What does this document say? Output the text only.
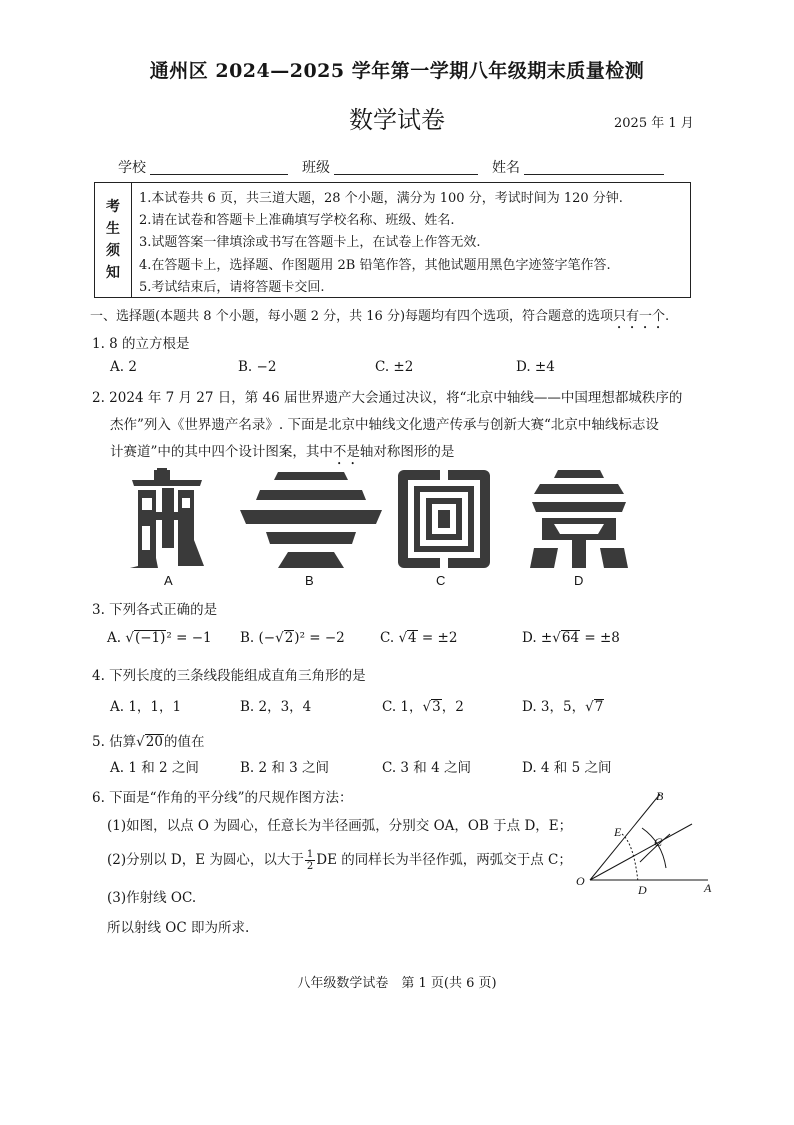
通州区 2024—2025 学年第一学期八年级期末质量检测
数学试卷	2025 年 1 月
学校	班级	姓名
考
生
须
知
1.本试卷共 6 页，共三道大题，28 个小题，满分为 100 分，考试时间为 120 分钟.
2.请在试卷和答题卡上准确填写学校名称、班级、姓名.
3.试题答案一律填涂或书写在答题卡上，在试卷上作答无效.
4.在答题卡上，选择题、作图题用 2B 铅笔作答，其他试题用黑色字迹签字笔作答.
5.考试结束后，请将答题卡交回.
一、选择题(本题共 8 个小题，每小题 2 分，共 16 分)每题均有四个选项，符合题意的选项只有一个.
1. 8 的立方根是
A. 2	B. −2	C. ±2	D. ±4
2. 2024 年 7 月 27 日，第 46 届世界遗产大会通过决议，将“北京中轴线——中国理想都城秩序的
杰作”列入《世界遗产名录》. 下面是北京中轴线文化遗产传承与创新大赛“北京中轴线标志设
计赛道”中的其中四个设计图案，其中不是轴对称图形的是
A	B	C	D
3. 下列各式正确的是
A. √(−1)² = −1 B. (−√2)² = −2	C. √4 = ±2	D. ±√64 = ±8
4. 下列长度的三条线段能组成直角三角形的是
A. 1，1，1	B. 2，3，4	C. 1，√3，2	D. 3，5，√7
5. 估算√20的值在
A. 1 和 2 之间	B. 2 和 3 之间	C. 3 和 4 之间	D. 4 和 5 之间
6. 下面是“作角的平分线”的尺规作图方法：
(1)如图，以点 O 为圆心，任意长为半径画弧，分别交 OA，OB 于点 D，E；
(2)分别以 D，E 为圆心，以大于 $\frac{1}{2}$ DE 的同样长为半径作弧，两弧交于点 C；
(3)作射线 OC.
所以射线 OC 即为所求.
O	A
B
C
D
E
八年级数学试卷　第 1 页(共 6 页)
